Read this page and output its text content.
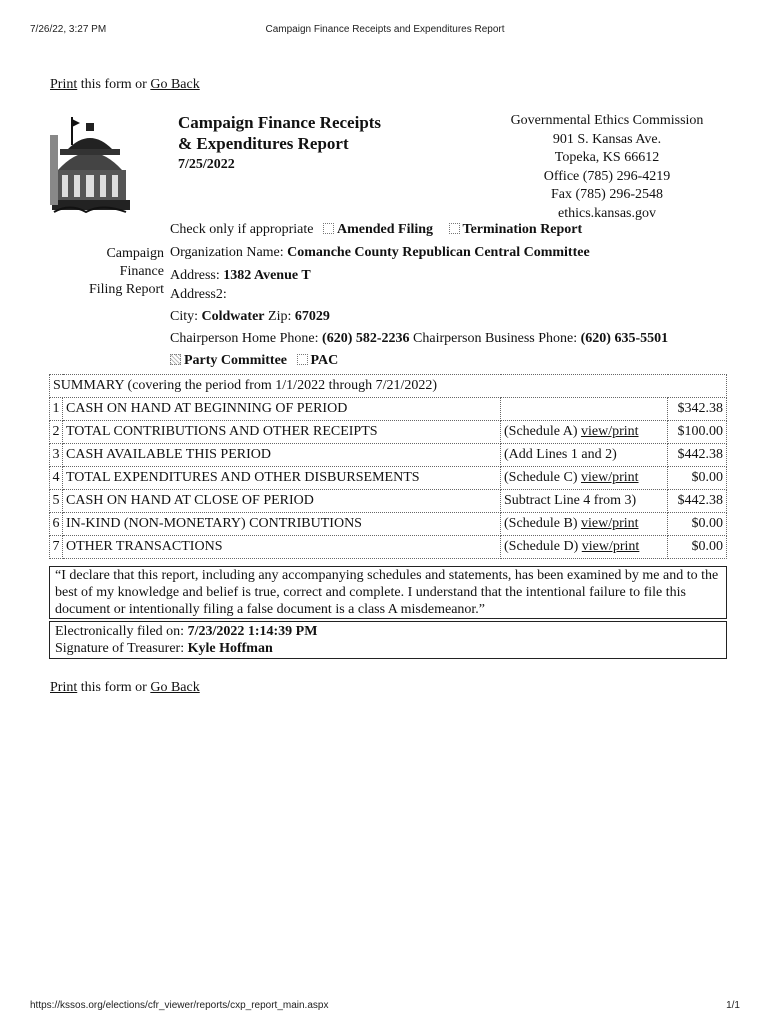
7/26/22, 3:27 PM	Campaign Finance Receipts and Expenditures Report
Print this form or Go Back
Campaign Finance Receipts
& Expenditures Report
7/25/2022
Governmental Ethics Commission
901 S. Kansas Ave.
Topeka, KS 66612
Office (785) 296-4219
Fax (785) 296-2548
ethics.kansas.gov
Check only if appropriate Amended Filing Termination Report
Campaign
Finance
Filing Report
Organization Name: Comanche County Republican Central Committee
Address: 1382 Avenue T
Address2:
City: Coldwater Zip: 67029
Chairperson Home Phone: (620) 582-2236 Chairperson Business Phone: (620) 635-5501
Party Committee PAC
SUMMARY (covering the period from 1/1/2022 through 7/21/2022)			
1	CASH ON HAND AT BEGINNING OF PERIOD		$342.38
2	TOTAL CONTRIBUTIONS AND OTHER RECEIPTS	(Schedule A) view/print	$100.00
3	CASH AVAILABLE THIS PERIOD	(Add Lines 1 and 2)	$442.38
4	TOTAL EXPENDITURES AND OTHER DISBURSEMENTS	(Schedule C) view/print	$0.00
5	CASH ON HAND AT CLOSE OF PERIOD	Subtract Line 4 from 3)	$442.38
6	IN-KIND (NON-MONETARY) CONTRIBUTIONS	(Schedule B) view/print	$0.00
7	OTHER TRANSACTIONS	(Schedule D) view/print	$0.00
“I declare that this report, including any accompanying schedules and statements, has been examined by me and to the best of my knowledge and belief is true, correct and complete. I understand that the intentional failure to file this document or intentionally filing a false document is a class A misdemeanor.”
Electronically filed on: 7/23/2022 1:14:39 PM
Signature of Treasurer: Kyle Hoffman
Print this form or Go Back
https://kssos.org/elections/cfr_viewer/reports/cxp_report_main.aspx	1/1
